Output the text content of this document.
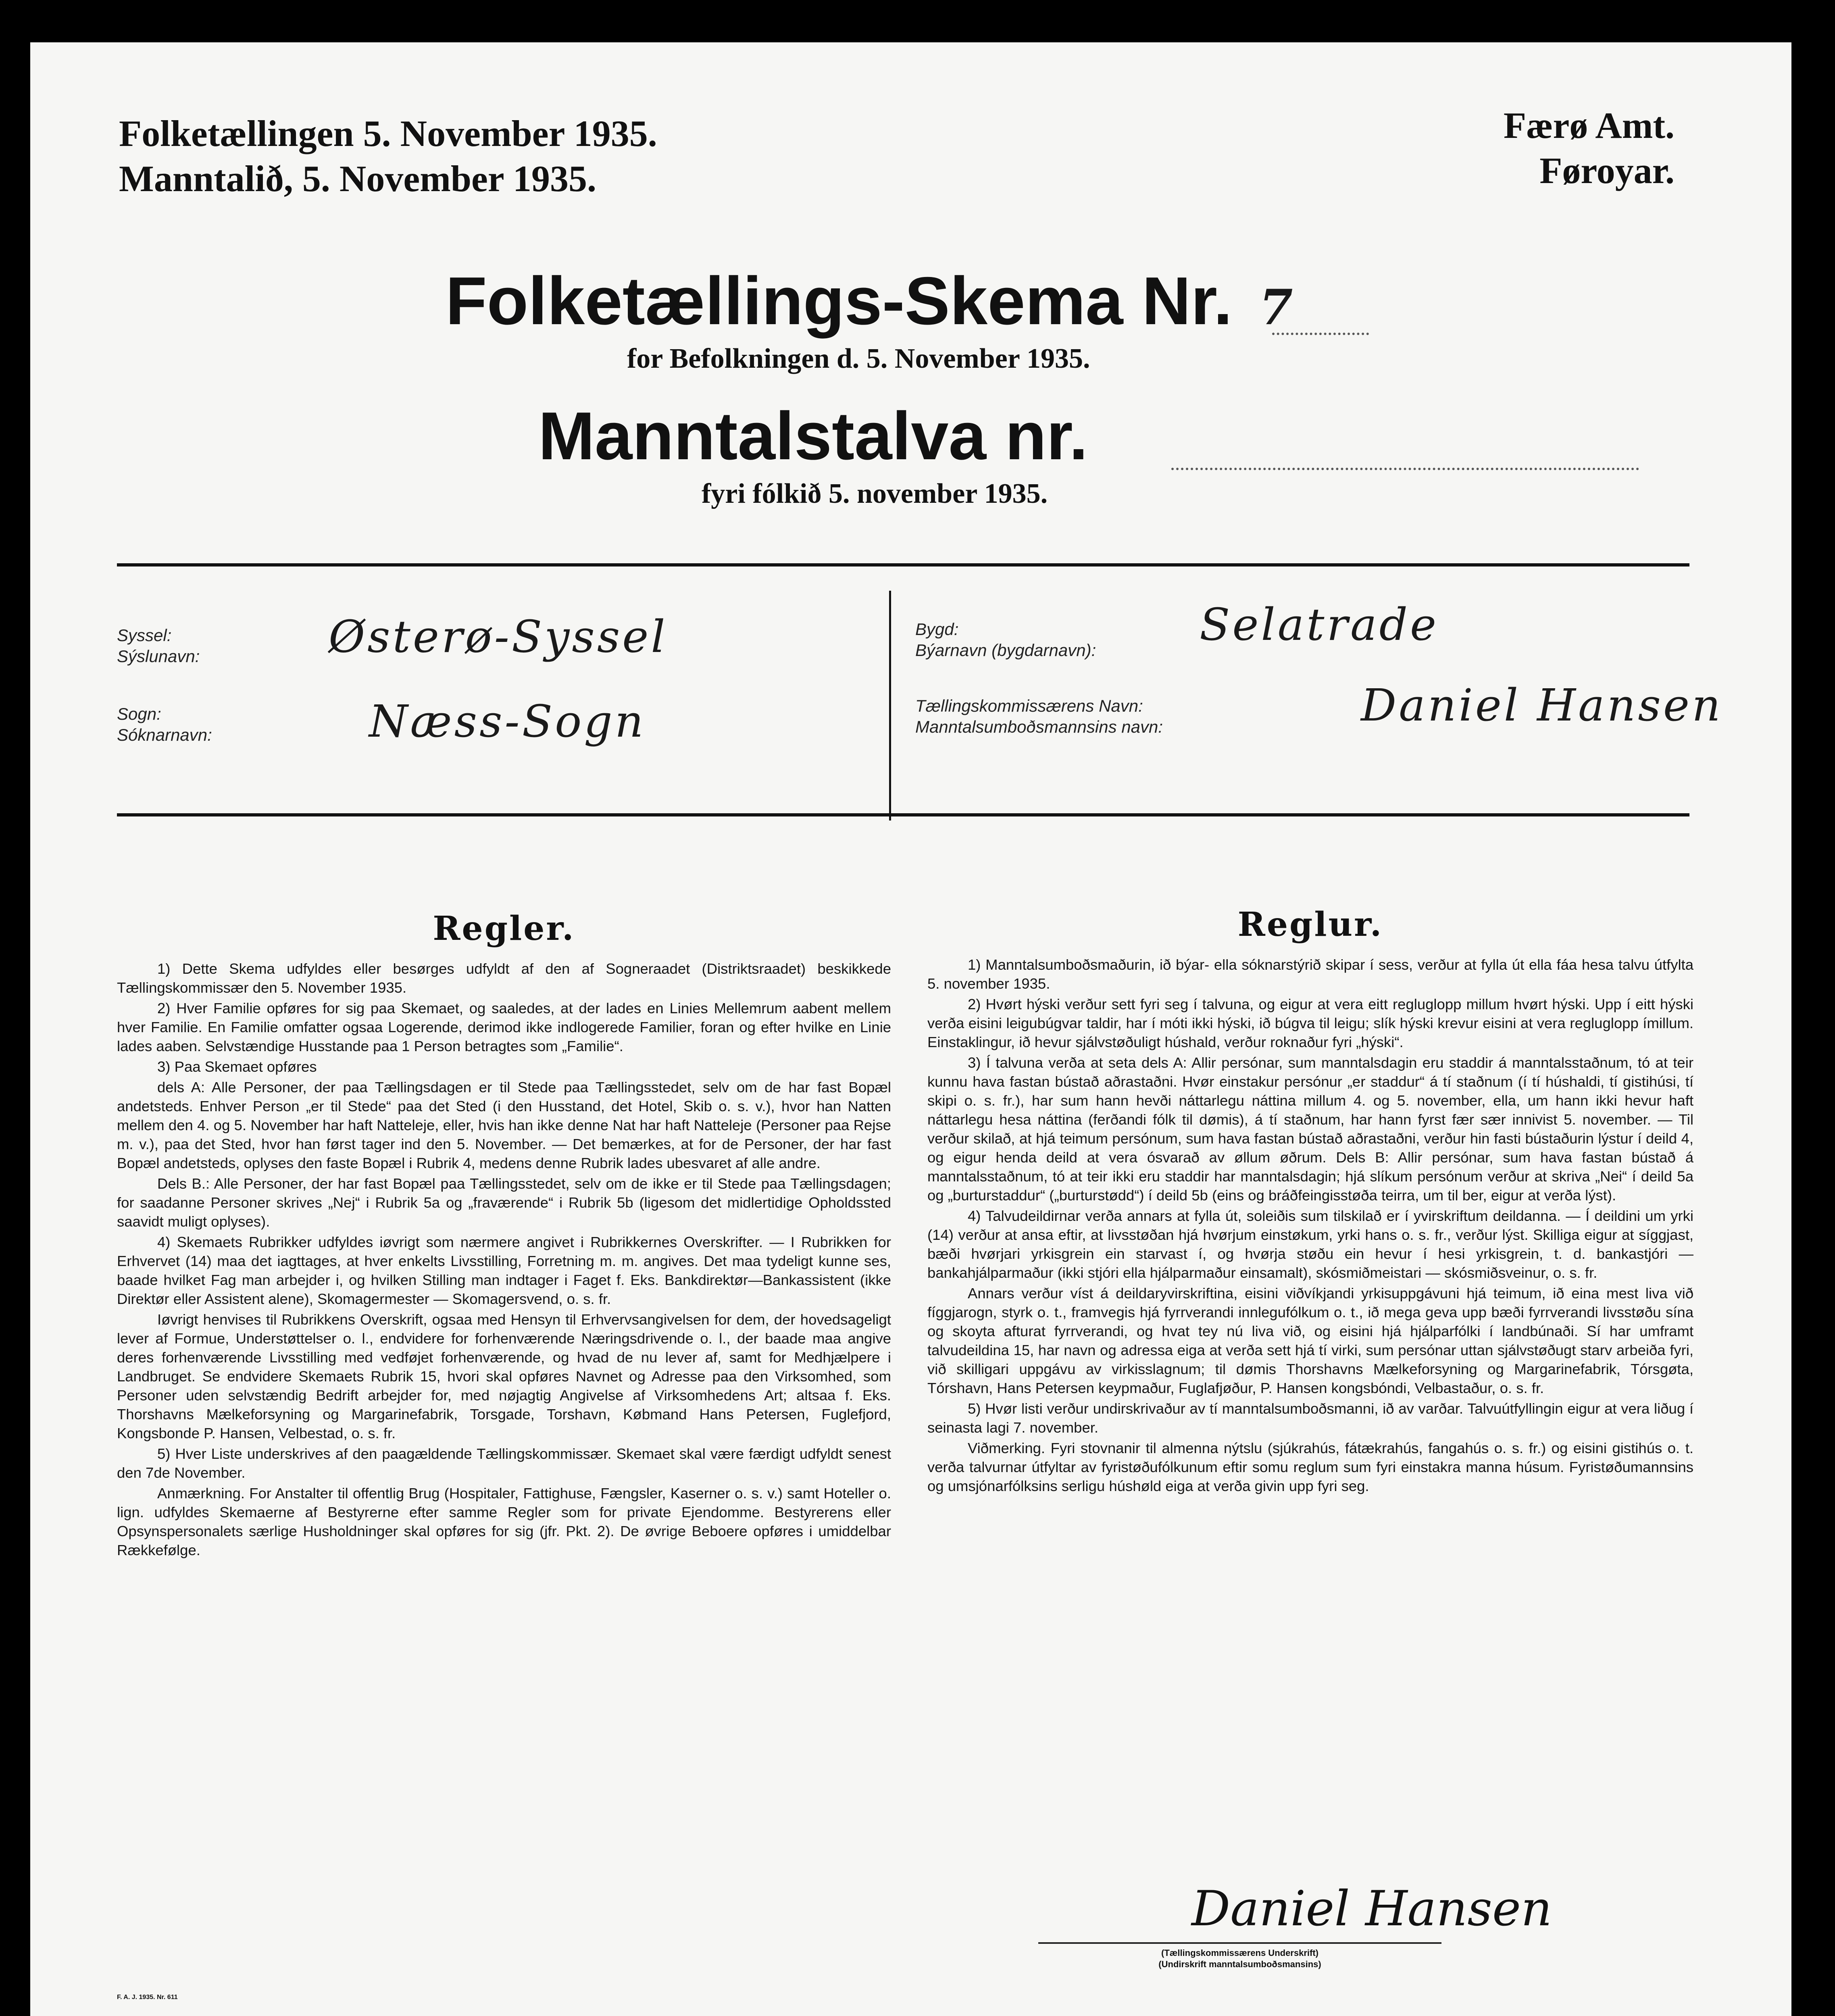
Folketællingen 5. November 1935.
Manntalið, 5. November 1935.
Færø Amt.
Føroyar.
Folketællings-Skema Nr. 7
for Befolkningen d. 5. November 1935.
Manntalstalva nr.
fyri fólkið 5. november 1935.
Syssel:
Sýslunavn:	Østerø-Syssel
Sogn:
Sóknarnavn:	Næss-Sogn
Bygd:
Býarnavn (bygdarnavn): Selatrade
Tællingskommissærens Navn:
Manntalsumboðsmannsins navn:	Daniel Hansen
Regler.

1) Dette Skema udfyldes eller besørges udfyldt af den af Sogneraadet (Distriktsraadet) beskikkede Tællingskommissær den 5. November 1935.

2) Hver Familie opføres for sig paa Skemaet, og saaledes, at der lades en Linies Mellemrum aabent mellem hver Familie. En Familie omfatter ogsaa Logerende, derimod ikke indlogerede Familier, foran og efter hvilke en Linie lades aaben. Selvstændige Husstande paa 1 Person betragtes som „Familie“.

3) Paa Skemaet opføres

dels A: Alle Personer, der paa Tællingsdagen er til Stede paa Tællingsstedet, selv om de har fast Bopæl andetsteds. Enhver Person „er til Stede“ paa det Sted (i den Husstand, det Hotel, Skib o. s. v.), hvor han Natten mellem den 4. og 5. November har haft Natteleje, eller, hvis han ikke denne Nat har haft Natteleje (Personer paa Rejse m. v.), paa det Sted, hvor han først tager ind den 5. November. — Det bemærkes, at for de Personer, der har fast Bopæl andetsteds, oplyses den faste Bopæl i Rubrik 4, medens denne Rubrik lades ubesvaret af alle andre.

Dels B.: Alle Personer, der har fast Bopæl paa Tællingsstedet, selv om de ikke er til Stede paa Tællingsdagen; for saadanne Personer skrives „Nej“ i Rubrik 5a og „fraværende“ i Rubrik 5b (ligesom det midlertidige Opholdssted saavidt muligt oplyses).

4) Skemaets Rubrikker udfyldes iøvrigt som nærmere angivet i Rubrikkernes Overskrifter. — I Rubrikken for Erhvervet (14) maa det iagttages, at hver enkelts Livsstilling, Forretning m. m. angives. Det maa tydeligt kunne ses, baade hvilket Fag man arbejder i, og hvilken Stilling man indtager i Faget f. Eks. Bankdirektør—Bankassistent (ikke Direktør eller Assistent alene), Skomagermester — Skomagersvend, o. s. fr.

Iøvrigt henvises til Rubrikkens Overskrift, ogsaa med Hensyn til Erhvervsangivelsen for dem, der hovedsageligt lever af Formue, Understøttelser o. l., endvidere for forhenværende Næringsdrivende o. l., der baade maa angive deres forhenværende Livsstilling med vedføjet forhenværende, og hvad de nu lever af, samt for Medhjælpere i Landbruget. Se endvidere Skemaets Rubrik 15, hvori skal opføres Navnet og Adresse paa den Virksomhed, som Personer uden selvstændig Bedrift arbejder for, med nøjagtig Angivelse af Virksomhedens Art; altsaa f. Eks. Thorshavns Mælkeforsyning og Margarinefabrik, Torsgade, Torshavn, Købmand Hans Petersen, Fuglefjord, Kongsbonde P. Hansen, Velbestad, o. s. fr.

5) Hver Liste underskrives af den paagældende Tællingskommissær. Skemaet skal være færdigt udfyldt senest den 7de November.

Anmærkning. For Anstalter til offentlig Brug (Hospitaler, Fattighuse, Fængsler, Kaserner o. s. v.) samt Hoteller o. lign. udfyldes Skemaerne af Bestyrerne efter samme Regler som for private Ejendomme. Bestyrerens eller Opsynspersonalets særlige Husholdninger skal opføres for sig (jfr. Pkt. 2). De øvrige Beboere opføres i umiddelbar Rækkefølge.

Reglur.

1) Manntalsumboðsmaðurin, ið býar- ella sóknarstýrið skipar í sess, verður at fylla út ella fáa hesa talvu útfylta 5. november 1935.

2) Hvørt hýski verður sett fyri seg í talvuna, og eigur at vera eitt regluglopp millum hvørt hýski. Upp í eitt hýski verða eisini leigubúgvar taldir, har í móti ikki hýski, ið búgva til leigu; slík hýski krevur eisini at vera regluglopp ímillum. Einstaklingur, ið hevur sjálvstøðuligt húshald, verður roknaður fyri „hýski“.

3) Í talvuna verða at seta dels A: Allir persónar, sum manntalsdagin eru staddir á manntalsstaðnum, tó at teir kunnu hava fastan bústað aðrastaðni. Hvør einstakur persónur „er staddur“ á tí staðnum (í tí húshaldi, tí gistihúsi, tí skipi o. s. fr.), har sum hann hevði náttarlegu náttina millum 4. og 5. november, ella, um hann ikki hevur haft náttarlegu hesa náttina (ferðandi fólk til dømis), á tí staðnum, har hann fyrst fær sær innivist 5. november. — Til verður skilað, at hjá teimum persónum, sum hava fastan bústað aðrastaðni, verður hin fasti bústaðurin lýstur í deild 4, og eigur henda deild at vera ósvarað av øllum øðrum. Dels B: Allir persónar, sum hava fastan bústað á manntalsstaðnum, tó at teir ikki eru staddir har manntalsdagin; hjá slíkum persónum verður at skriva „Nei“ í deild 5a og „burturstaddur“ („burturstødd“) í deild 5b (eins og bráðfeingisstøða teirra, um til ber, eigur at verða lýst).

4) Talvudeildirnar verða annars at fylla út, soleiðis sum tilskilað er í yvirskriftum deildanna. — Í deildini um yrki (14) verður at ansa eftir, at livsstøðan hjá hvørjum einstøkum, yrki hans o. s. fr., verður lýst. Skilliga eigur at síggjast, bæði hvørjari yrkisgrein ein starvast í, og hvørja støðu ein hevur í hesi yrkisgrein, t. d. bankastjóri — bankahjálparmaður (ikki stjóri ella hjálparmaður einsamalt), skósmiðmeistari — skósmiðsveinur, o. s. fr.

Annars verður víst á deildaryvirskriftina, eisini viðvíkjandi yrkisuppgávuni hjá teimum, ið eina mest liva við fíggjarogn, styrk o. t., framvegis hjá fyrrverandi innlegufólkum o. t., ið mega geva upp bæði fyrrverandi livsstøðu sína og skoyta afturat fyrrverandi, og hvat tey nú liva við, og eisini hjá hjálparfólki í landbúnaði. Sí har umframt talvudeildina 15, har navn og adressa eiga at verða sett hjá tí virki, sum persónar uttan sjálvstøðugt starv arbeiða fyri, við skilligari uppgávu av virkisslagnum; til dømis Thorshavns Mælkeforsyning og Margarinefabrik, Tórsgøta, Tórshavn, Hans Petersen keypmaður, Fuglafjøður, P. Hansen kongsbóndi, Velbastaður, o. s. fr.

5) Hvør listi verður undirskrivaður av tí manntalsumboðsmanni, ið av varðar. Talvuútfyllingin eigur at vera liðug í seinasta lagi 7. november.

Viðmerking. Fyri stovnanir til almenna nýtslu (sjúkrahús, fátækrahús, fangahús o. s. fr.) og eisini gistihús o. t. verða talvurnar útfyltar av fyristøðufólkunum eftir somu reglum sum fyri einstakra manna húsum. Fyristøðumannsins og umsjónarfólksins serligu húshøld eiga at verða givin upp fyri seg.

Daniel Hansen
(Tællingskommissærens Underskrift)
(Undirskrift manntalsumboðsmansins)
F. A. J. 1935. Nr. 611
